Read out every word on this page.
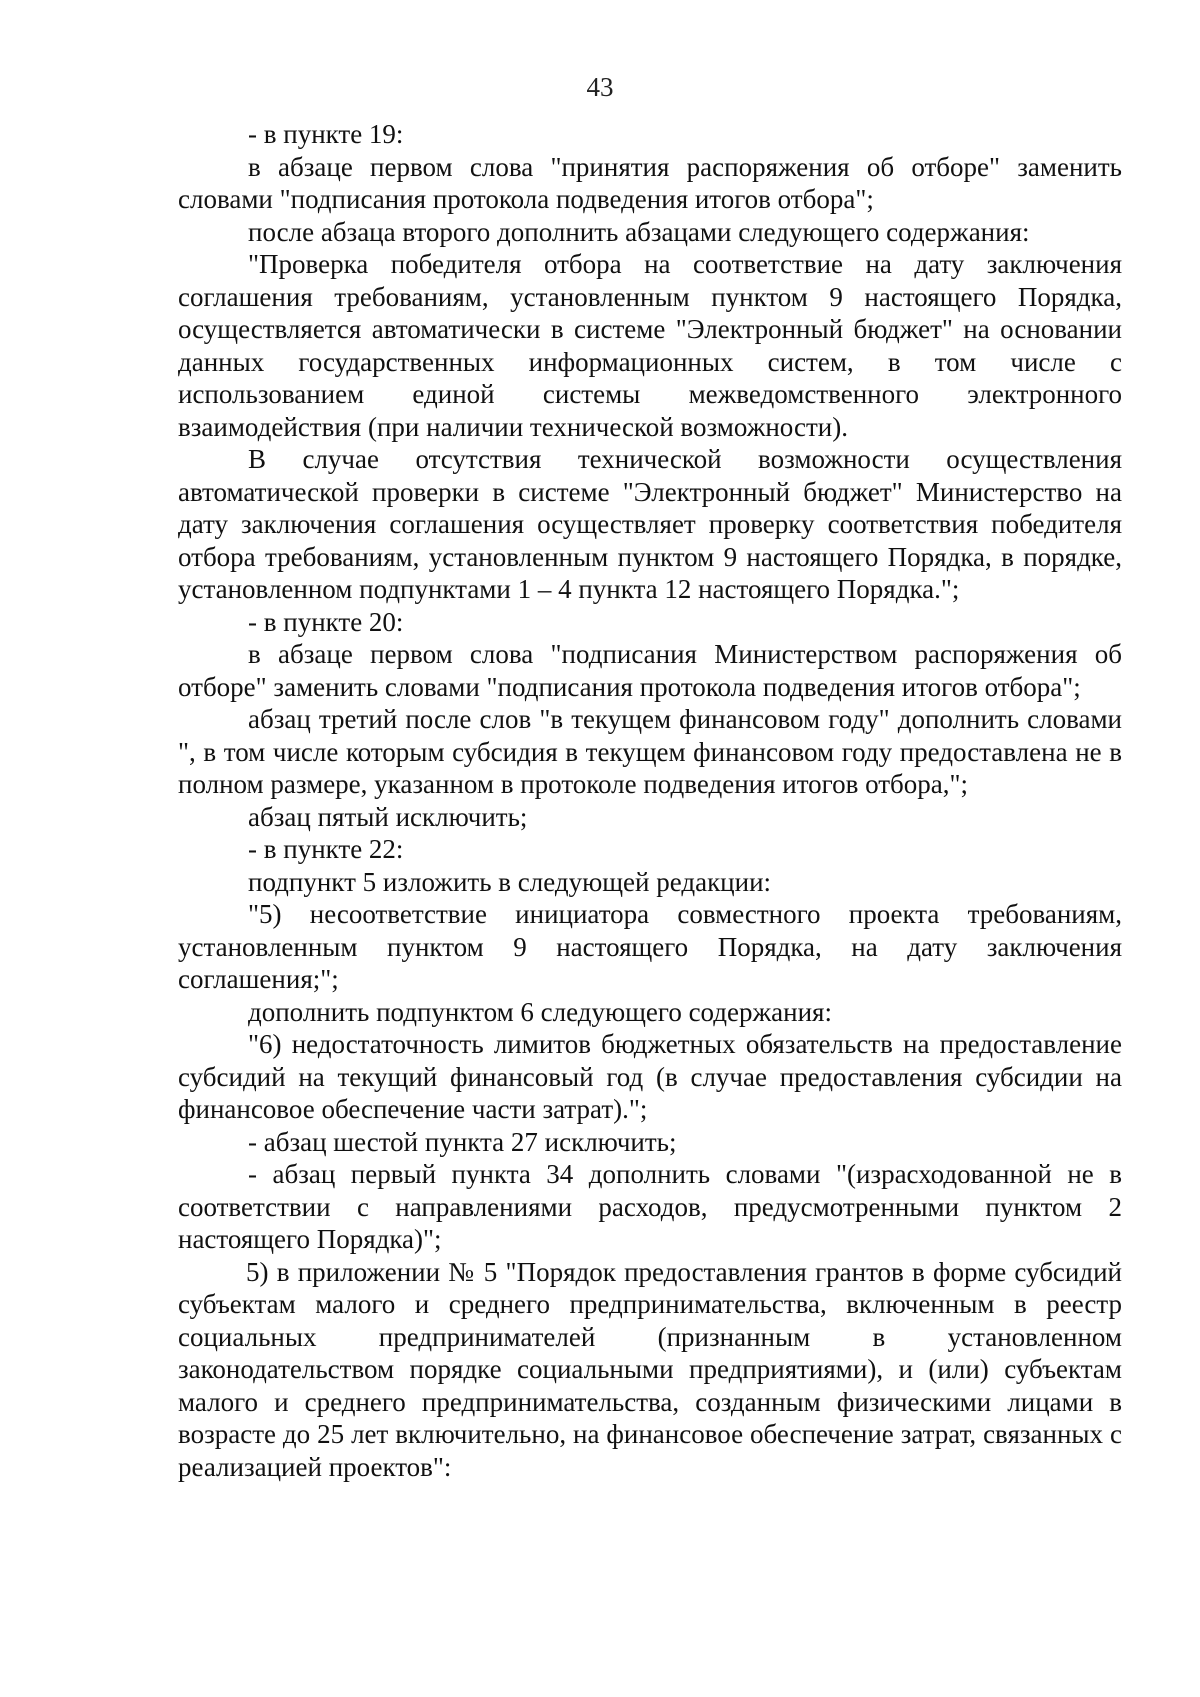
43

- в пункте 19:

в абзаце первом слова "принятия распоряжения об отборе" заменить словами "подписания протокола подведения итогов отбора";

после абзаца второго дополнить абзацами следующего содержания:

"Проверка победителя отбора на соответствие на дату заключения соглашения требованиям, установленным пунктом 9 настоящего Порядка, осуществляется автоматически в системе "Электронный бюджет" на основании данных государственных информационных систем, в том числе с использованием единой системы межведомственного электронного взаимодействия (при наличии технической возможности).

В случае отсутствия технической возможности осуществления автоматической проверки в системе "Электронный бюджет" Министерство на дату заключения соглашения осуществляет проверку соответствия победителя отбора требованиям, установленным пунктом 9 настоящего Порядка, в порядке, установленном подпунктами 1 – 4 пункта 12 настоящего Порядка.";

- в пункте 20:

в абзаце первом слова "подписания Министерством распоряжения об отборе" заменить словами "подписания протокола подведения итогов отбора";

абзац третий после слов "в текущем финансовом году" дополнить словами ", в том числе которым субсидия в текущем финансовом году предоставлена не в полном размере, указанном в протоколе подведения итогов отбора,";

абзац пятый исключить;

- в пункте 22:

подпункт 5 изложить в следующей редакции:

"5) несоответствие инициатора совместного проекта требованиям, установленным пунктом 9 настоящего Порядка, на дату заключения соглашения;";

дополнить подпунктом 6 следующего содержания:

"6) недостаточность лимитов бюджетных обязательств на предоставление субсидий на текущий финансовый год (в случае предоставления субсидии на финансовое обеспечение части затрат).";

- абзац шестой пункта 27 исключить;

- абзац первый пункта 34 дополнить словами "(израсходованной не в соответствии с направлениями расходов, предусмотренными пунктом 2 настоящего Порядка)";

5) в приложении № 5 "Порядок предоставления грантов в форме субсидий субъектам малого и среднего предпринимательства, включенным в реестр социальных предпринимателей (признанным в установленном законодательством порядке социальными предприятиями), и (или) субъектам малого и среднего предпринимательства, созданным физическими лицами в возрасте до 25 лет включительно, на финансовое обеспечение затрат, связанных с реализацией проектов":
